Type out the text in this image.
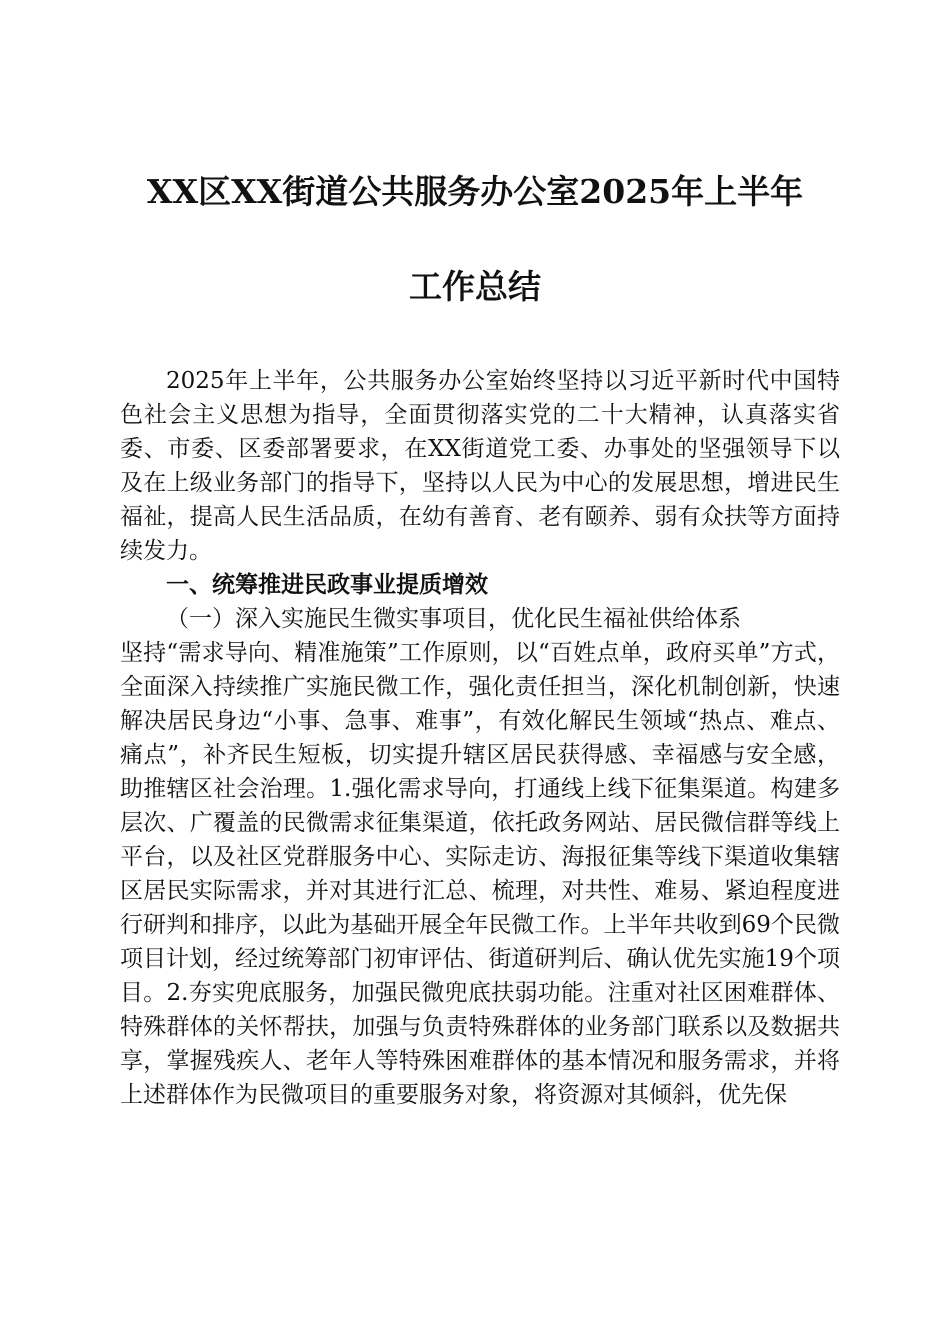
XX区XX街道公共服务办公室2025年上半年
工作总结

2025年上半年，公共服务办公室始终坚持以习近平新时代中国特色社会主义思想为指导，全面贯彻落实党的二十大精神，认真落实省委、市委、区委部署要求，在XX街道党工委、办事处的坚强领导下以及在上级业务部门的指导下，坚持以人民为中心的发展思想，增进民生福祉，提高人民生活品质，在幼有善育、老有颐养、弱有众扶等方面持续发力。

一、统筹推进民政事业提质增效

（一）深入实施民生微实事项目，优化民生福祉供给体系

坚持“需求导向、精准施策”工作原则，以“百姓点单，政府买单”方式，全面深入持续推广实施民微工作，强化责任担当，深化机制创新，快速解决居民身边“小事、急事、难事”，有效化解民生领域“热点、难点、痛点”，补齐民生短板，切实提升辖区居民获得感、幸福感与安全感，助推辖区社会治理。1.强化需求导向，打通线上线下征集渠道。构建多层次、广覆盖的民微需求征集渠道，依托政务网站、居民微信群等线上平台，以及社区党群服务中心、实际走访、海报征集等线下渠道收集辖区居民实际需求，并对其进行汇总、梳理，对共性、难易、紧迫程度进行研判和排序，以此为基础开展全年民微工作。上半年共收到69个民微项目计划，经过统筹部门初审评估、街道研判后、确认优先实施19个项目。2.夯实兜底服务，加强民微兜底扶弱功能。注重对社区困难群体、特殊群体的关怀帮扶，加强与负责特殊群体的业务部门联系以及数据共享，掌握残疾人、老年人等特殊困难群体的基本情况和服务需求，并将上述群体作为民微项目的重要服务对象，将资源对其倾斜，优先保
